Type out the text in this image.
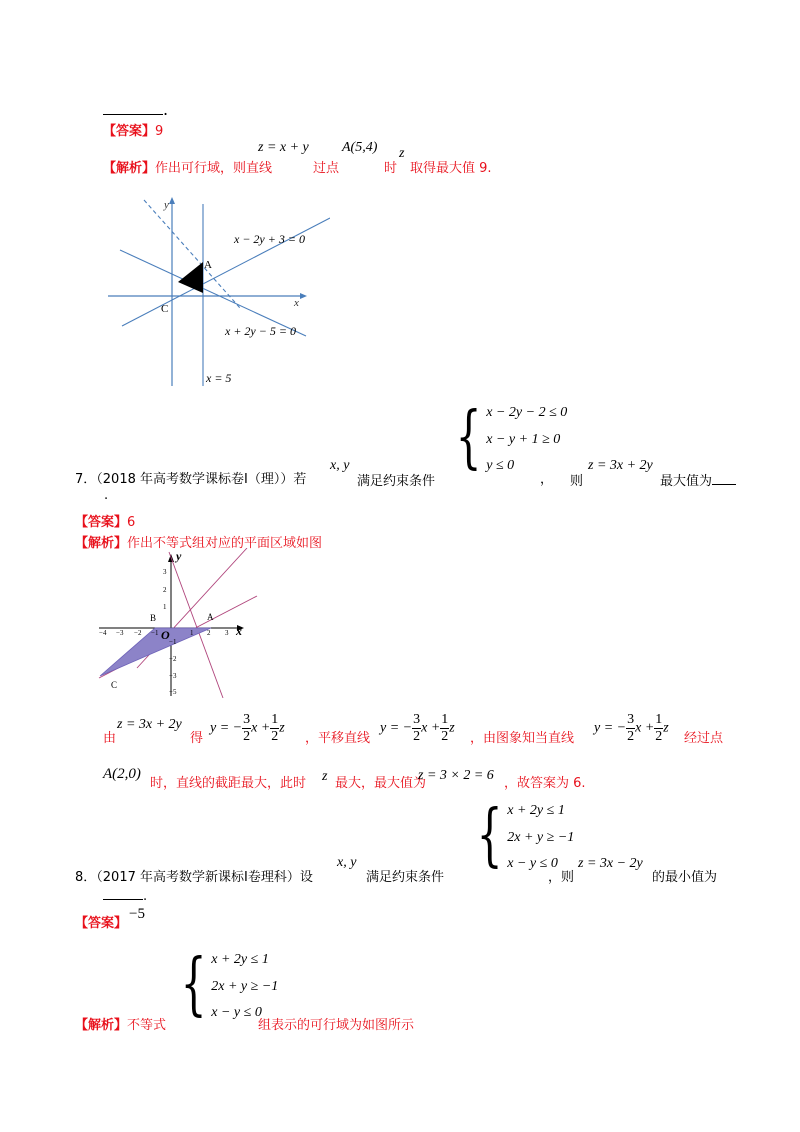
.
【答案】9
【解析】作出可行域，则直线
z = x + y
过点
A(5,4)
时
z
取得最大值 9.
y
x
x − 2y + 3 = 0
x + 2y − 5 = 0
x = 5
A
C
{ x − 2y − 2 ≤ 0
x − y + 1 ≥ 0
y ≤ 0
7．（2018 年高考数学课标卷Ⅰ（理））若
x, y
满足约束条件	， 则
z = 3x + 2y
最大值为
.
【答案】6
【解析】作出不等式组对应的平面区域如图
y
x
O
A
B
C
−4 −3 −2 −1	1 2 3
3
2
1
−1
−2
−3
−5
由
z = 3x + 2y
得
y = − $\frac{3}{2}$ $x + \frac{1}{2}$ z
，平移直线
y = − $\frac{3}{2}$ $x + \frac{1}{2}$ z
，由图象知当直线
y = − $\frac{3}{2}$ $x + \frac{1}{2}$ z
经过点
A(2,0)
时，直线的截距最大，此时 z 最大，最大值为
z = 3 × 2 = 6
，故答案为 6.
{ x + 2y ≤ 1
2x + y ≥ −1
x − y ≤ 0
8．（2017 年高考数学新课标Ⅰ卷理科）设
x, y
满足约束条件	，则
z = 3x − 2y
的最小值为
.
【答案】
−5
{ x + 2y ≤ 1
2x + y ≥ −1
x − y ≤ 0
【解析】不等式	组表示的可行域为如图所示
